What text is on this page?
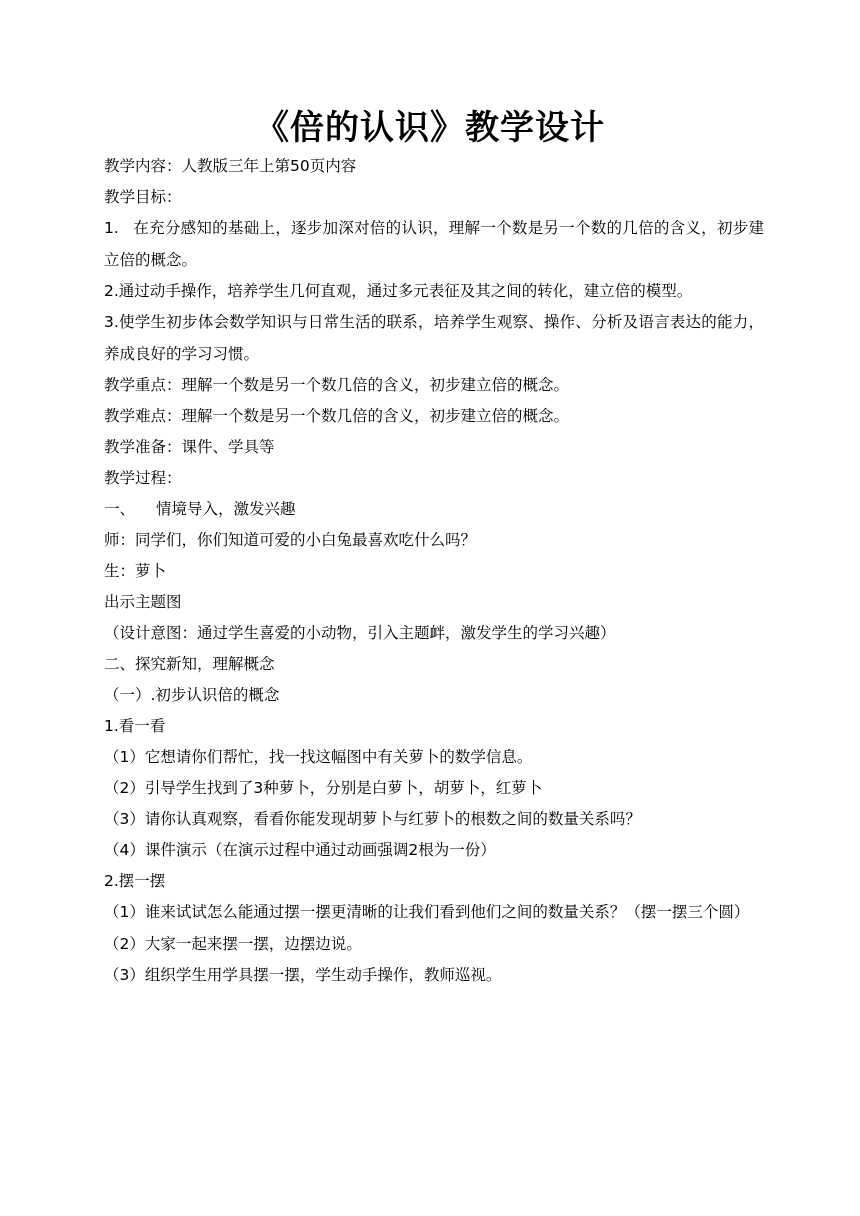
《倍的认识》教学设计

教学内容：人教版三年上第50页内容

教学目标：

1. 在充分感知的基础上，逐步加深对倍的认识，理解一个数是另一个数的几倍的含义，初步建立倍的概念。

2.通过动手操作，培养学生几何直观，通过多元表征及其之间的转化，建立倍的模型。

3.使学生初步体会数学知识与日常生活的联系，培养学生观察、操作、分析及语言表达的能力，养成良好的学习习惯。

教学重点：理解一个数是另一个数几倍的含义，初步建立倍的概念。

教学难点：理解一个数是另一个数几倍的含义，初步建立倍的概念。

教学准备：课件、学具等

教学过程：

一、 情境导入，激发兴趣

师：同学们，你们知道可爱的小白兔最喜欢吃什么吗？

生：萝卜

出示主题图

（设计意图：通过学生喜爱的小动物，引入主题衅，激发学生的学习兴趣）

二、探究新知，理解概念

（一）.初步认识倍的概念

1.看一看

（1）它想请你们帮忙，找一找这幅图中有关萝卜的数学信息。

（2）引导学生找到了3种萝卜，分别是白萝卜，胡萝卜，红萝卜

（3）请你认真观察，看看你能发现胡萝卜与红萝卜的根数之间的数量关系吗？

（4）课件演示（在演示过程中通过动画强调2根为一份）

2.摆一摆

（1）谁来试试怎么能通过摆一摆更清晰的让我们看到他们之间的数量关系？（摆一摆三个圆）

（2）大家一起来摆一摆，边摆边说。

（3）组织学生用学具摆一摆，学生动手操作，教师巡视。
